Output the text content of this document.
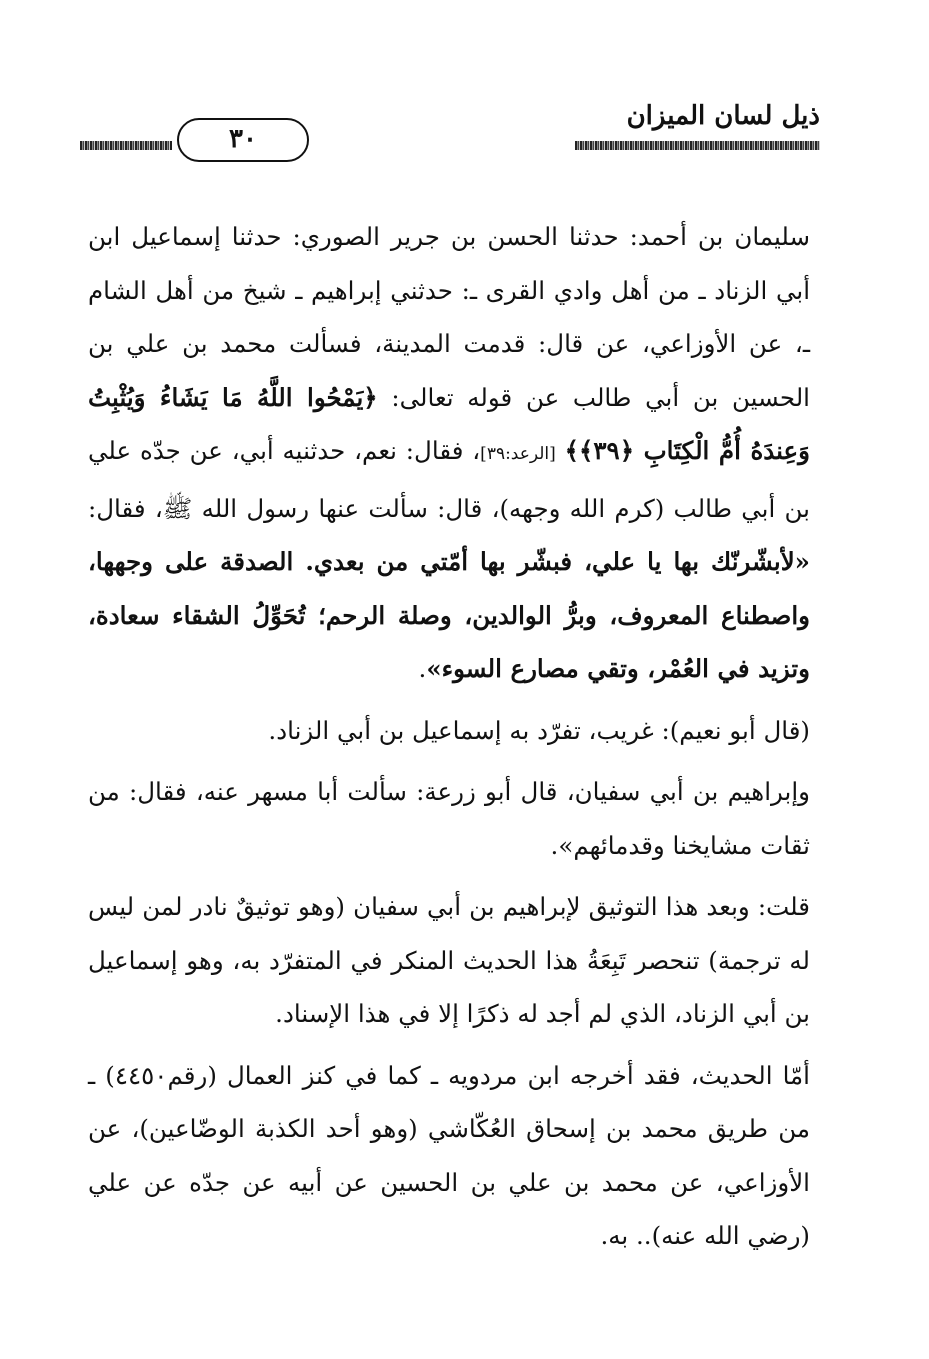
ذيل لسان الميزان
٣٠

سليمان بن أحمد: حدثنا الحسن بن جرير الصوري: حدثنا إسماعيل ابن أبي الزناد ـ من أهل وادي القرى ـ: حدثني إبراهيم ـ شيخ من أهل الشام ـ، عن الأوزاعي، عن قال: قدمت المدينة، فسألت محمد بن علي بن الحسين بن أبي طالب عن قوله تعالى: ﴿يَمْحُوا اللَّهُ مَا يَشَاءُ وَيُثْبِتُ وَعِندَهُ أُمُّ الْكِتَابِ ﴿٣٩﴾﴾ [الرعد:٣٩]، فقال: نعم، حدثنيه أبي، عن جدّه علي بن أبي طالب (كرم الله وجهه)، قال: سألت عنها رسول الله ﷺ، فقال: «لأبشّرنّك بها يا علي، فبشّر بها أمّتي من بعدي. الصدقة على وجهها، واصطناع المعروف، وبرُّ الوالدين، وصلة الرحم؛ تُحَوِّلُ الشقاء سعادة، وتزيد في العُمْر، وتقي مصارع السوء».

(قال أبو نعيم): غريب، تفرّد به إسماعيل بن أبي الزناد.

وإبراهيم بن أبي سفيان، قال أبو زرعة: سألت أبا مسهر عنه، فقال: من ثقات مشايخنا وقدمائهم».

قلت: وبعد هذا التوثيق لإبراهيم بن أبي سفيان (وهو توثيقٌ نادر لمن ليس له ترجمة) تنحصر تَبِعَةُ هذا الحديث المنكر في المتفرّد به، وهو إسماعيل بن أبي الزناد، الذي لم أجد له ذكرًا إلا في هذا الإسناد.

أمّا الحديث، فقد أخرجه ابن مردويه ـ كما في كنز العمال (رقم٤٤٥٠) ـ من طريق محمد بن إسحاق العُكّاشي (وهو أحد الكذبة الوضّاعين)، عن الأوزاعي، عن محمد بن علي بن الحسين عن أبيه عن جدّه عن علي (رضي الله عنه).. به.
